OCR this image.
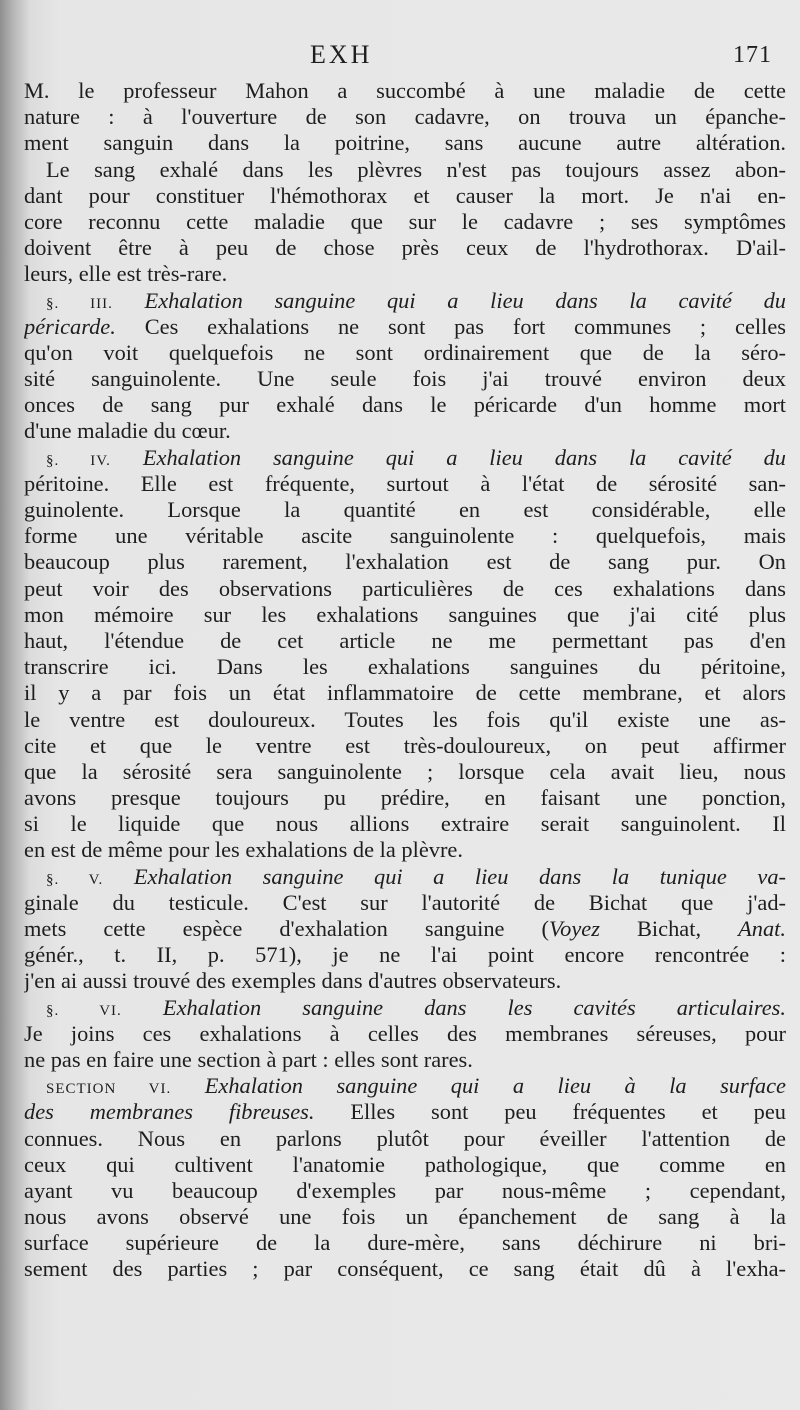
EXH	171
M. le professeur Mahon a succombé à une maladie de cette
nature : à l'ouverture de son cadavre, on trouva un épanche-
ment sanguin dans la poitrine, sans aucune autre altération.
Le sang exhalé dans les plèvres n'est pas toujours assez abon-
dant pour constituer l'hémothorax et causer la mort. Je n'ai en-
core reconnu cette maladie que sur le cadavre ; ses symptômes
doivent être à peu de chose près ceux de l'hydrothorax. D'ail-
leurs, elle est très-rare.
§. III. Exhalation sanguine qui a lieu dans la cavité du
péricarde. Ces exhalations ne sont pas fort communes ; celles
qu'on voit quelquefois ne sont ordinairement que de la séro-
sité sanguinolente. Une seule fois j'ai trouvé environ deux
onces de sang pur exhalé dans le péricarde d'un homme mort
d'une maladie du cœur.
§. IV. Exhalation sanguine qui a lieu dans la cavité du
péritoine. Elle est fréquente, surtout à l'état de sérosité san-
guinolente. Lorsque la quantité en est considérable, elle
forme une véritable ascite sanguinolente : quelquefois, mais
beaucoup plus rarement, l'exhalation est de sang pur. On
peut voir des observations particulières de ces exhalations dans
mon mémoire sur les exhalations sanguines que j'ai cité plus
haut, l'étendue de cet article ne me permettant pas d'en
transcrire ici. Dans les exhalations sanguines du péritoine,
il y a par fois un état inflammatoire de cette membrane, et alors
le ventre est douloureux. Toutes les fois qu'il existe une as-
cite et que le ventre est très-douloureux, on peut affirmer
que la sérosité sera sanguinolente ; lorsque cela avait lieu, nous
avons presque toujours pu prédire, en faisant une ponction,
si le liquide que nous allions extraire serait sanguinolent. Il
en est de même pour les exhalations de la plèvre.
§. V. Exhalation sanguine qui a lieu dans la tunique va-
ginale du testicule. C'est sur l'autorité de Bichat que j'ad-
mets cette espèce d'exhalation sanguine (Voyez Bichat, Anat.
génér., t. II, p. 571), je ne l'ai point encore rencontrée :
j'en ai aussi trouvé des exemples dans d'autres observateurs.
§. VI. Exhalation sanguine dans les cavités articulaires.
Je joins ces exhalations à celles des membranes séreuses, pour
ne pas en faire une section à part : elles sont rares.
SECTION VI. Exhalation sanguine qui a lieu à la surface
des membranes fibreuses. Elles sont peu fréquentes et peu
connues. Nous en parlons plutôt pour éveiller l'attention de
ceux qui cultivent l'anatomie pathologique, que comme en
ayant vu beaucoup d'exemples par nous-même ; cependant,
nous avons observé une fois un épanchement de sang à la
surface supérieure de la dure-mère, sans déchirure ni bri-
sement des parties ; par conséquent, ce sang était dû à l'exha-
